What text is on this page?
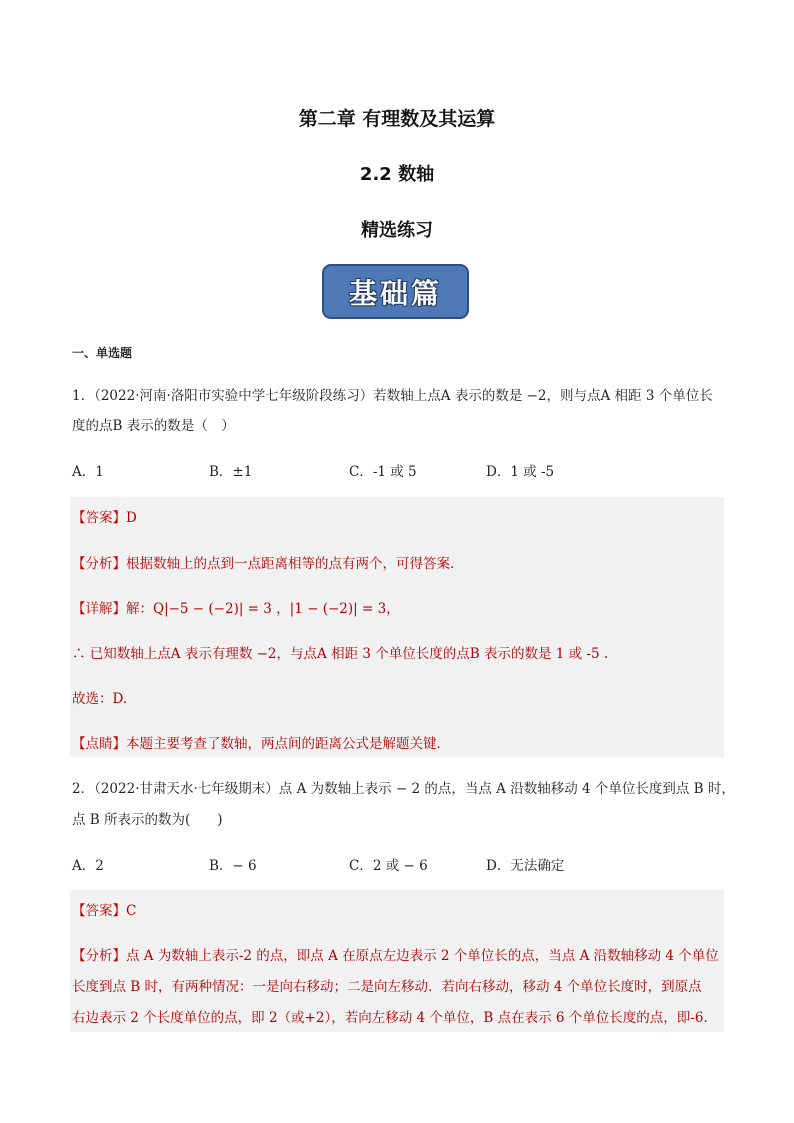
第二章 有理数及其运算
2.2 数轴
精选练习
基础篇
一、单选题
1．（2022·河南·洛阳市实验中学七年级阶段练习）若数轴上点A 表示的数是 −2，则与点A 相距 3 个单位长
度的点B 表示的数是（　）
A．1	B．±1	C．-1 或 5	D．1 或 -5
【答案】D
【分析】根据数轴上的点到一点距离相等的点有两个，可得答案．
【详解】解：Q|−5 − (−2)| = 3 ，|1 − (−2)| = 3，
∴ 已知数轴上点A 表示有理数 −2，与点A 相距 3 个单位长度的点B 表示的数是 1 或 -5 .
故选：D.
【点睛】本题主要考查了数轴，两点间的距离公式是解题关键．
2．（2022·甘肃天水·七年级期末）点 A 为数轴上表示 − 2 的点，当点 A 沿数轴移动 4 个单位长度到点 B 时，
点 B 所表示的数为(　　)
A．2	B．− 6	C．2 或 − 6	D．无法确定
【答案】C
【分析】点 A 为数轴上表示-2 的点，即点 A 在原点左边表示 2 个单位长的点，当点 A 沿数轴移动 4 个单位
长度到点 B 时，有两种情况：一是向右移动；二是向左移动．若向右移动，移动 4 个单位长度时，到原点
右边表示 2 个长度单位的点，即 2（或+2），若向左移动 4 个单位，B 点在表示 6 个单位长度的点，即-6.
